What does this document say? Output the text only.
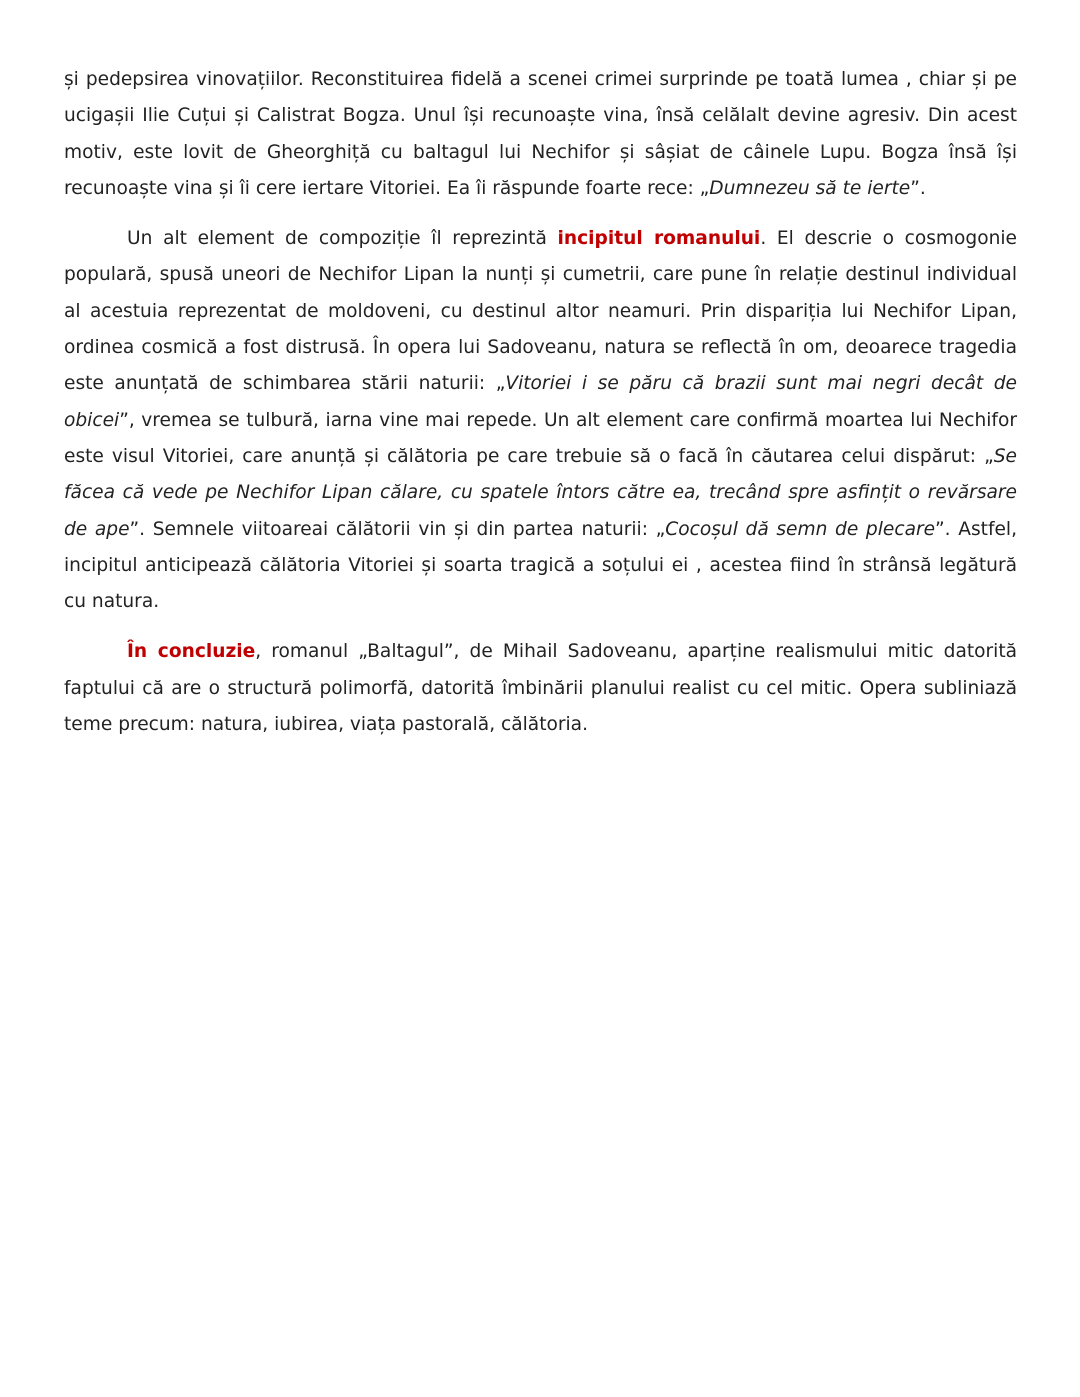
și pedepsirea vinovațiilor. Reconstituirea fidelă a scenei crimei surprinde pe toată lumea , chiar și pe ucigașii Ilie Cuțui și Calistrat Bogza. Unul își recunoaște vina, însă celălalt devine agresiv. Din acest motiv, este lovit de Gheorghiță cu baltagul lui Nechifor și sâșiat de câinele Lupu. Bogza însă își recunoaște vina și îi cere iertare Vitoriei. Ea îi răspunde foarte rece: „Dumnezeu să te ierte”.

Un alt element de compoziție îl reprezintă incipitul romanului. El descrie o cosmogonie populară, spusă uneori de Nechifor Lipan la nunți și cumetrii, care pune în relație destinul individual al acestuia reprezentat de moldoveni, cu destinul altor neamuri. Prin dispariția lui Nechifor Lipan, ordinea cosmică a fost distrusă. În opera lui Sadoveanu, natura se reflectă în om, deoarece tragedia este anunțată de schimbarea stării naturii: „Vitoriei i se păru că brazii sunt mai negri decât de obicei”, vremea se tulbură, iarna vine mai repede. Un alt element care confirmă moartea lui Nechifor este visul Vitoriei, care anunță și călătoria pe care trebuie să o facă în căutarea celui dispărut: „Se făcea că vede pe Nechifor Lipan călare, cu spatele întors către ea, trecând spre asfințit o revărsare de ape”. Semnele viitoareai călătorii vin și din partea naturii: „Cocoșul dă semn de plecare”. Astfel, incipitul anticipează călătoria Vitoriei și soarta tragică a soțului ei , acestea fiind în strânsă legătură cu natura.

În concluzie, romanul „Baltagul”, de Mihail Sadoveanu, aparține realismului mitic datorită faptului că are o structură polimorfă, datorită îmbinării planului realist cu cel mitic. Opera subliniază teme precum: natura, iubirea, viața pastorală, călătoria.
